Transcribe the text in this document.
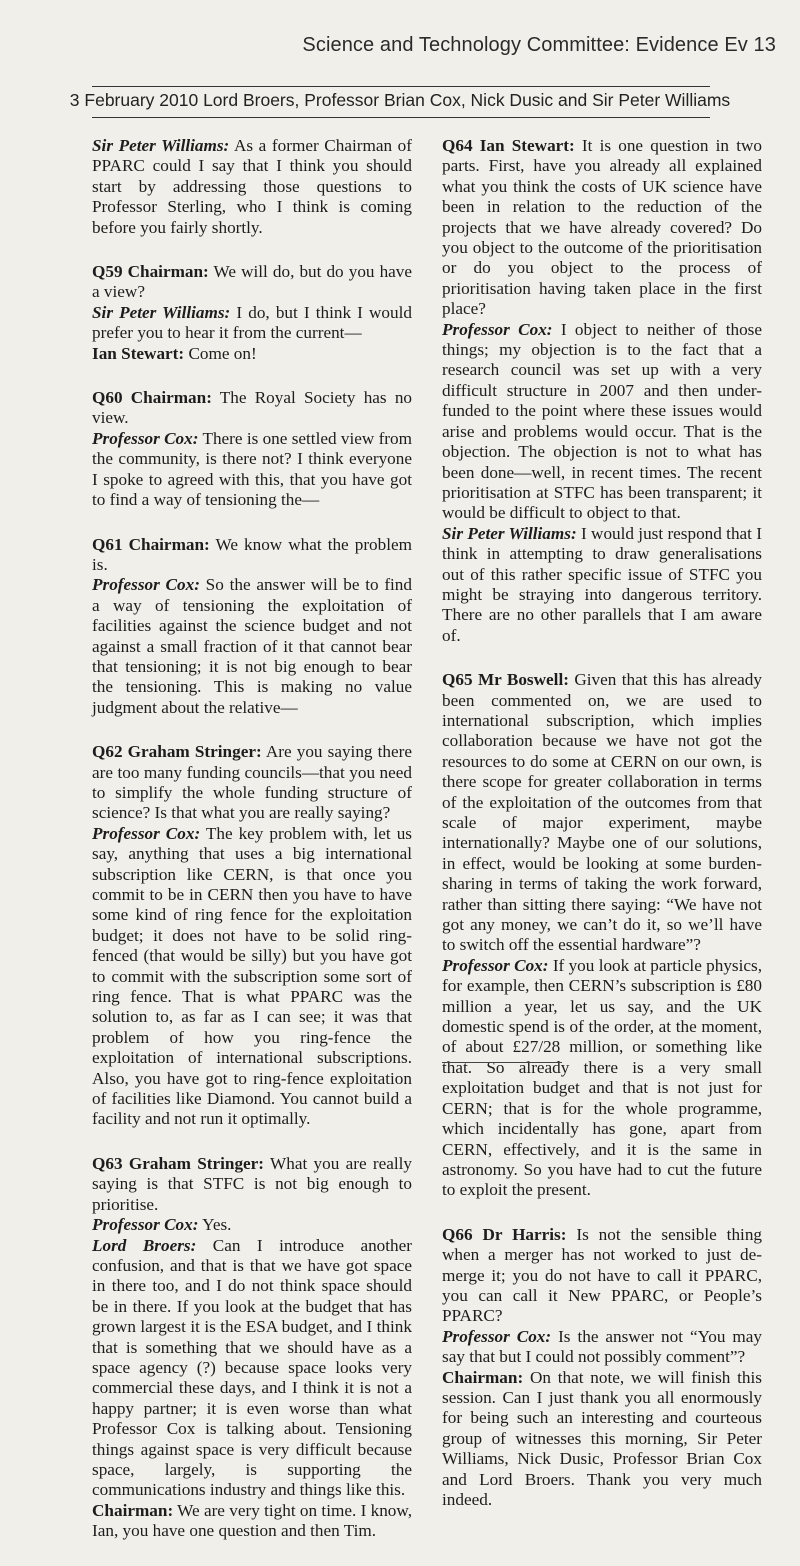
Science and Technology Committee: Evidence Ev 13
3 February 2010 Lord Broers, Professor Brian Cox, Nick Dusic and Sir Peter Williams

Sir Peter Williams: As a former Chairman of PPARC could I say that I think you should start by addressing those questions to Professor Sterling, who I think is coming before you fairly shortly.

Q59 Chairman: We will do, but do you have a view?

Sir Peter Williams: I do, but I think I would prefer you to hear it from the current—

Ian Stewart: Come on!

Q60 Chairman: The Royal Society has no view.

Professor Cox: There is one settled view from the community, is there not? I think everyone I spoke to agreed with this, that you have got to find a way of tensioning the—

Q61 Chairman: We know what the problem is.

Professor Cox: So the answer will be to find a way of tensioning the exploitation of facilities against the science budget and not against a small fraction of it that cannot bear that tensioning; it is not big enough to bear the tensioning. This is making no value judgment about the relative—

Q62 Graham Stringer: Are you saying there are too many funding councils—that you need to simplify the whole funding structure of science? Is that what you are really saying?

Professor Cox: The key problem with, let us say, anything that uses a big international subscription like CERN, is that once you commit to be in CERN then you have to have some kind of ring fence for the exploitation budget; it does not have to be solid ring-fenced (that would be silly) but you have got to commit with the subscription some sort of ring fence. That is what PPARC was the solution to, as far as I can see; it was that problem of how you ring-fence the exploitation of international subscriptions. Also, you have got to ring-fence exploitation of facilities like Diamond. You cannot build a facility and not run it optimally.

Q63 Graham Stringer: What you are really saying is that STFC is not big enough to prioritise.

Professor Cox: Yes.

Lord Broers: Can I introduce another confusion, and that is that we have got space in there too, and I do not think space should be in there. If you look at the budget that has grown largest it is the ESA budget, and I think that is something that we should have as a space agency (?) because space looks very commercial these days, and I think it is not a happy partner; it is even worse than what Professor Cox is talking about. Tensioning things against space is very difficult because space, largely, is supporting the communications industry and things like this.

Chairman: We are very tight on time. I know, Ian, you have one question and then Tim.

Q64 Ian Stewart: It is one question in two parts. First, have you already all explained what you think the costs of UK science have been in relation to the reduction of the projects that we have already covered? Do you object to the outcome of the prioritisation or do you object to the process of prioritisation having taken place in the first place?

Professor Cox: I object to neither of those things; my objection is to the fact that a research council was set up with a very difficult structure in 2007 and then under-funded to the point where these issues would arise and problems would occur. That is the objection. The objection is not to what has been done—well, in recent times. The recent prioritisation at STFC has been transparent; it would be difficult to object to that.

Sir Peter Williams: I would just respond that I think in attempting to draw generalisations out of this rather specific issue of STFC you might be straying into dangerous territory. There are no other parallels that I am aware of.

Q65 Mr Boswell: Given that this has already been commented on, we are used to international subscription, which implies collaboration because we have not got the resources to do some at CERN on our own, is there scope for greater collaboration in terms of the exploitation of the outcomes from that scale of major experiment, maybe internationally? Maybe one of our solutions, in effect, would be looking at some burden-sharing in terms of taking the work forward, rather than sitting there saying: “We have not got any money, we can’t do it, so we’ll have to switch off the essential hardware”?

Professor Cox: If you look at particle physics, for example, then CERN’s subscription is £80 million a year, let us say, and the UK domestic spend is of the order, at the moment, of about £27/28 million, or something like that. So already there is a very small exploitation budget and that is not just for CERN; that is for the whole programme, which incidentally has gone, apart from CERN, effectively, and it is the same in astronomy. So you have had to cut the future to exploit the present.

Q66 Dr Harris: Is not the sensible thing when a merger has not worked to just de-merge it; you do not have to call it PPARC, you can call it New PPARC, or People’s PPARC?

Professor Cox: Is the answer not “You may say that but I could not possibly comment”?

Chairman: On that note, we will finish this session. Can I just thank you all enormously for being such an interesting and courteous group of witnesses this morning, Sir Peter Williams, Nick Dusic, Professor Brian Cox and Lord Broers. Thank you very much indeed.
